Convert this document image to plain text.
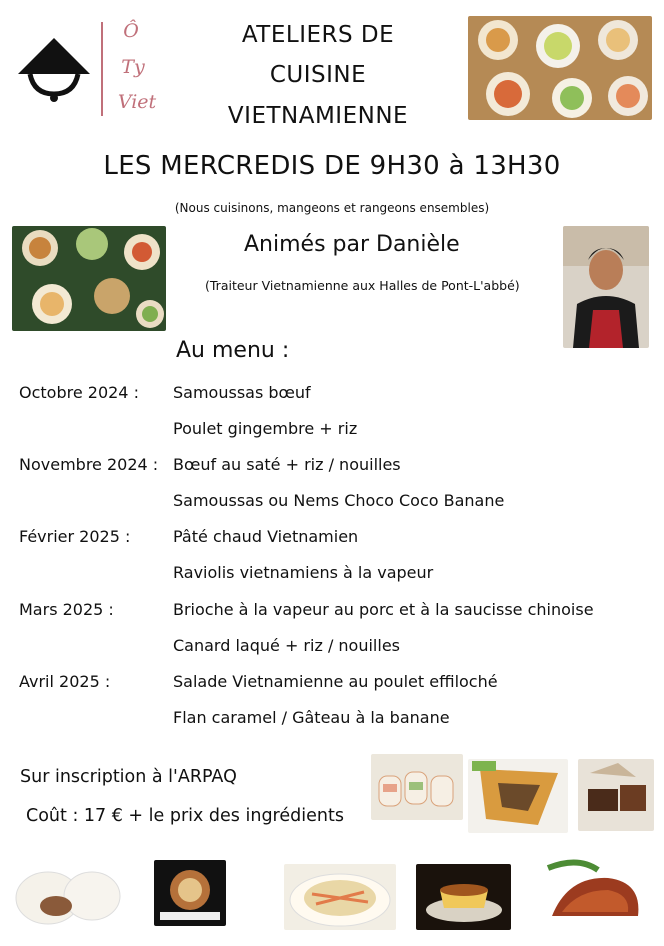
Ô
Ty
Viet
ATELIERS DE
CUISINE
VIETNAMIENNE
LES MERCREDIS DE 9H30 à 13H30
(Nous cuisinons, mangeons et rangeons ensembles)
Animés par Danièle
(Traiteur Vietnamienne aux Halles de Pont-L'abbé)
Au menu :
Octobre 2024 : Samoussas bœuf
Poulet gingembre + riz
Novembre 2024 : Bœuf au saté + riz / nouilles
Samoussas ou Nems Choco Coco Banane
Février 2025 :	Pâté chaud Vietnamien
Raviolis vietnamiens à la vapeur
Mars 2025 :	Brioche à la vapeur au porc et à la saucisse chinoise
Canard laqué + riz / nouilles
Avril 2025 :	Salade Vietnamienne au poulet effiloché
Flan caramel / Gâteau à la banane
Sur inscription à l'ARPAQ
Coût : 17 € + le prix des ingrédients
